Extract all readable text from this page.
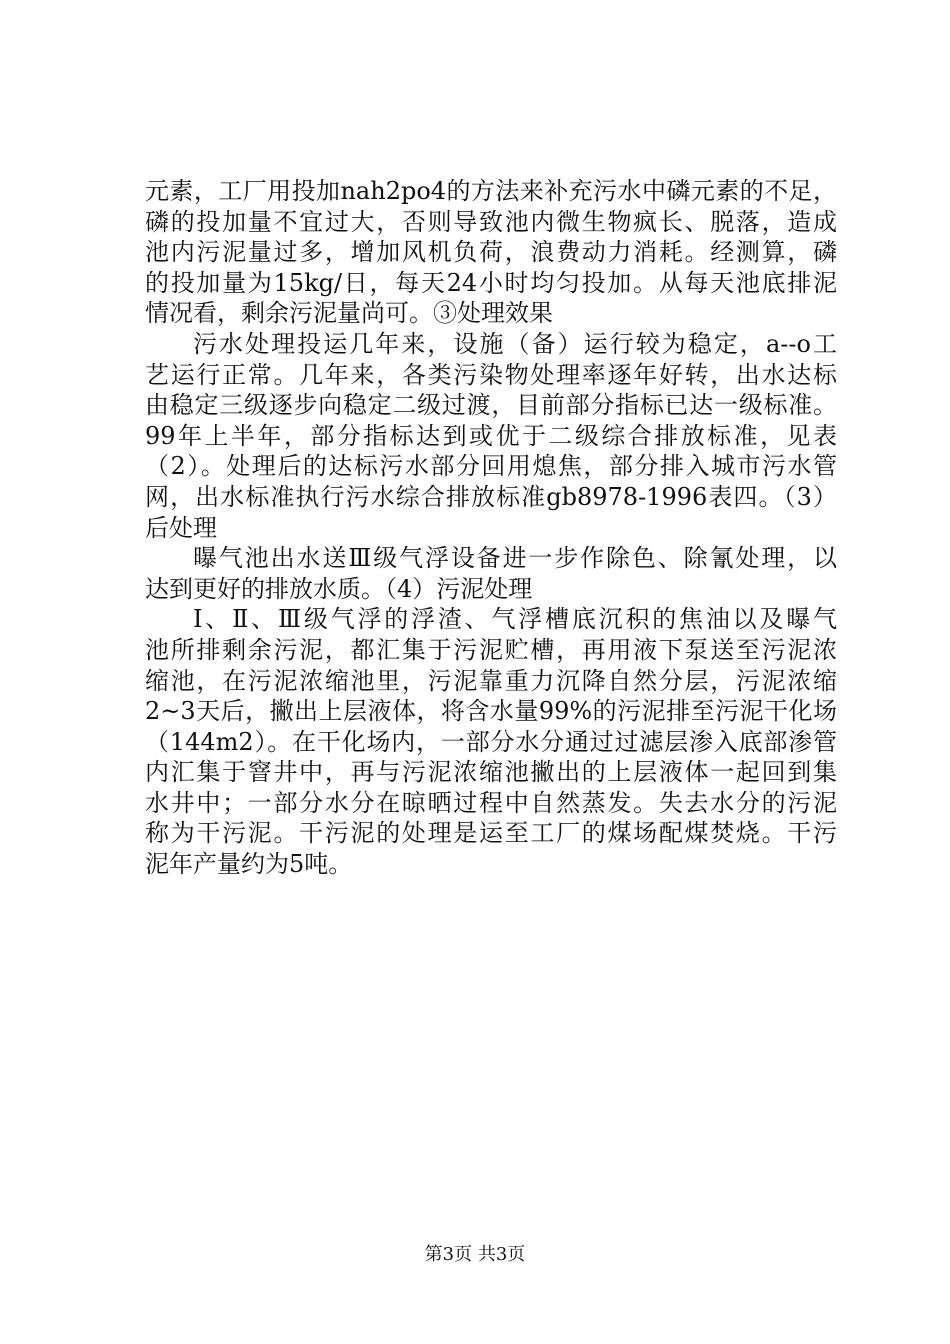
元素，工厂用投加nah2po4的方法来补充污水中磷元素的不足，
磷的投加量不宜过大，否则导致池内微生物疯长、脱落，造成
池内污泥量过多，增加风机负荷，浪费动力消耗。经测算，磷
的投加量为15kg/日，每天24小时均匀投加。从每天池底排泥
情况看，剩余污泥量尚可。③处理效果
污水处理投运几年来，设施（备）运行较为稳定，a--o工
艺运行正常。几年来，各类污染物处理率逐年好转，出水达标
由稳定三级逐步向稳定二级过渡，目前部分指标已达一级标准。
99年上半年，部分指标达到或优于二级综合排放标准，见表
（2）。处理后的达标污水部分回用熄焦，部分排入城市污水管
网，出水标准执行污水综合排放标准gb8978-1996表四。（3）
后处理
曝气池出水送Ⅲ级气浮设备进一步作除色、除氰处理，以
达到更好的排放水质。（4）污泥处理
Ⅰ、Ⅱ、Ⅲ级气浮的浮渣、气浮槽底沉积的焦油以及曝气
池所排剩余污泥，都汇集于污泥贮槽，再用液下泵送至污泥浓
缩池，在污泥浓缩池里，污泥靠重力沉降自然分层，污泥浓缩
2~3天后，撇出上层液体，将含水量99%的污泥排至污泥干化场
（144m2）。在干化场内，一部分水分通过过滤层渗入底部渗管
内汇集于窨井中，再与污泥浓缩池撇出的上层液体一起回到集
水井中；一部分水分在晾晒过程中自然蒸发。失去水分的污泥
称为干污泥。干污泥的处理是运至工厂的煤场配煤焚烧。干污
泥年产量约为5吨。
第3页 共3页
